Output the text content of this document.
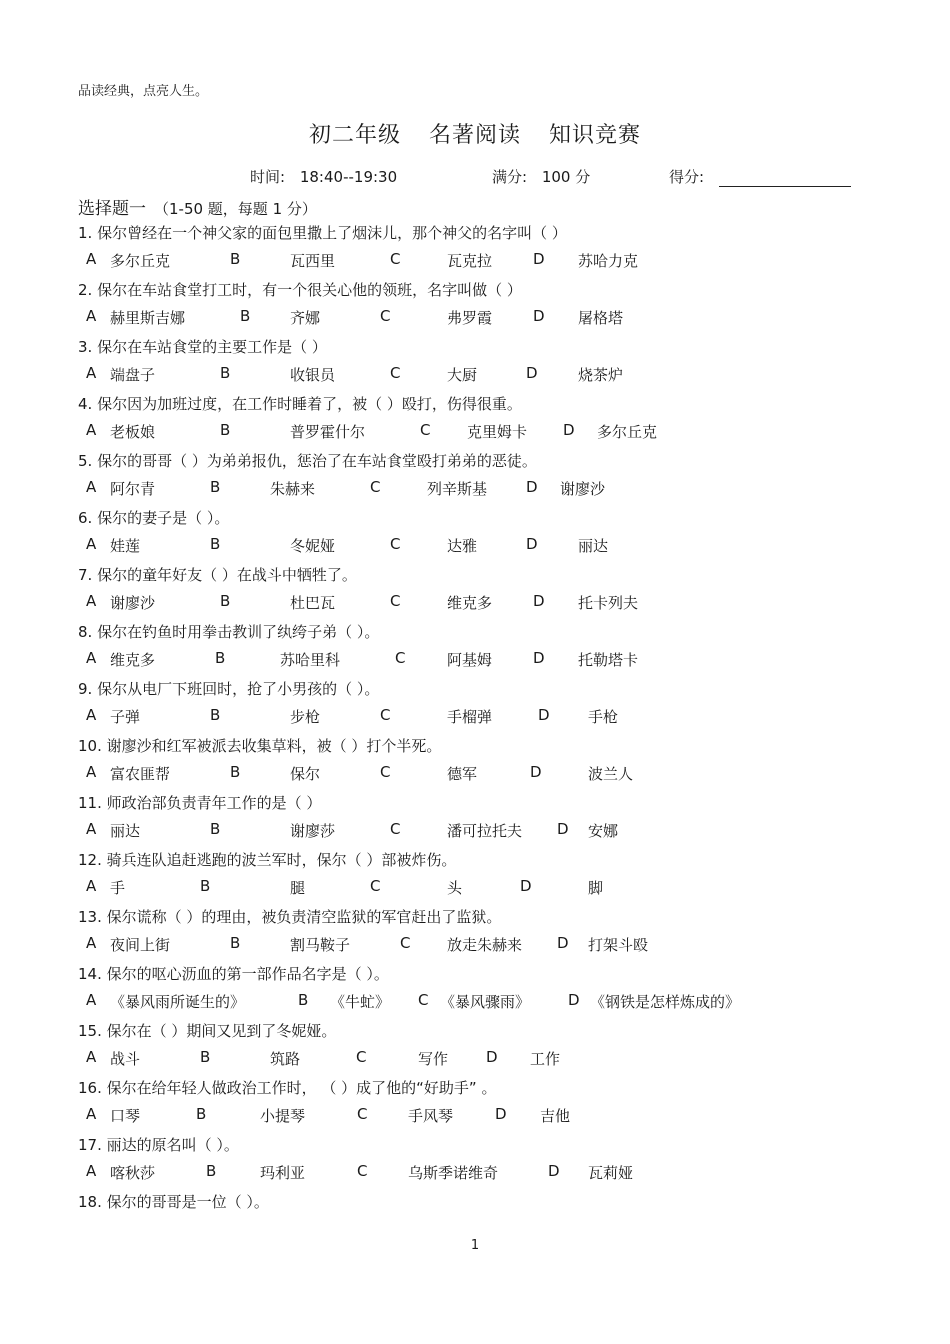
品读经典，点亮人生。
初二年级 名著阅读 知识竞赛
时间: 18:40--19:30	满分: 100 分	得分:
选择题一 （1-50 题，每题 1 分）
1. 保尔曾经在一个神父家的面包里撒上了烟沫儿，那个神父的名字叫（ ）
A 多尔丘克	B	瓦西里	C	瓦克拉	D 苏哈力克
2. 保尔在车站食堂打工时，有一个很关心他的领班，名字叫做（ ）
A 赫里斯吉娜	B	齐娜	C	弗罗霞	D 屠格塔
3. 保尔在车站食堂的主要工作是（ ）
A 端盘子	B	收银员	C	大厨	D	烧茶炉
4. 保尔因为加班过度，在工作时睡着了，被（ ）殴打，伤得很重。
A 老板娘	B	普罗霍什尔	C 克里姆卡 D 多尔丘克
5. 保尔的哥哥（ ）为弟弟报仇，惩治了在车站食堂殴打弟弟的恶徒。
A 阿尔青	B	朱赫来	C	列辛斯基	D 谢廖沙
6. 保尔的妻子是（ ）。
A 娃莲	B	冬妮娅	C	达雅	D	丽达
7. 保尔的童年好友（ ）在战斗中牺牲了。
A 谢廖沙	B	杜巴瓦	C	维克多	D 托卡列夫
8. 保尔在钓鱼时用拳击教训了纨绔子弟（ ）。
A 维克多	B	苏哈里科	C	阿基姆	D 托勒塔卡
9. 保尔从电厂下班回时，抢了小男孩的（ ）。
A 子弹	B	步枪	C	手榴弹	D	手枪
10. 谢廖沙和红军被派去收集草料，被（ ）打个半死。
A 富农匪帮	B	保尔	C	德军	D	波兰人
11. 师政治部负责青年工作的是（ ）
A 丽达	B	谢廖莎	C	潘可拉托夫 D 安娜
12. 骑兵连队追赶逃跑的波兰军时，保尔（ ）部被炸伤。
A 手	B	腿	C	头	D	脚
13. 保尔谎称（ ）的理由，被负责清空监狱的军官赶出了监狱。
A 夜间上街	B	割马鞍子	C 放走朱赫来 D 打架斗殴
14. 保尔的呕心沥血的第一部作品名字是（ ）。
A 《暴风雨所诞生的》	B 《牛虻》 C 《暴风骤雨》	D 《钢铁是怎样炼成的》
15. 保尔在（ ）期间又见到了冬妮娅。
A 战斗	B	筑路	C	写作	D 工作
16. 保尔在给年轻人做政治工作时， （ ）成了他的“好助手” 。
A 口琴	B	小提琴	C	手风琴	D 吉他
17. 丽达的原名叫（ ）。
A 喀秋莎	B	玛利亚	C	乌斯季诺维奇	D 瓦莉娅
18. 保尔的哥哥是一位（ ）。
1
